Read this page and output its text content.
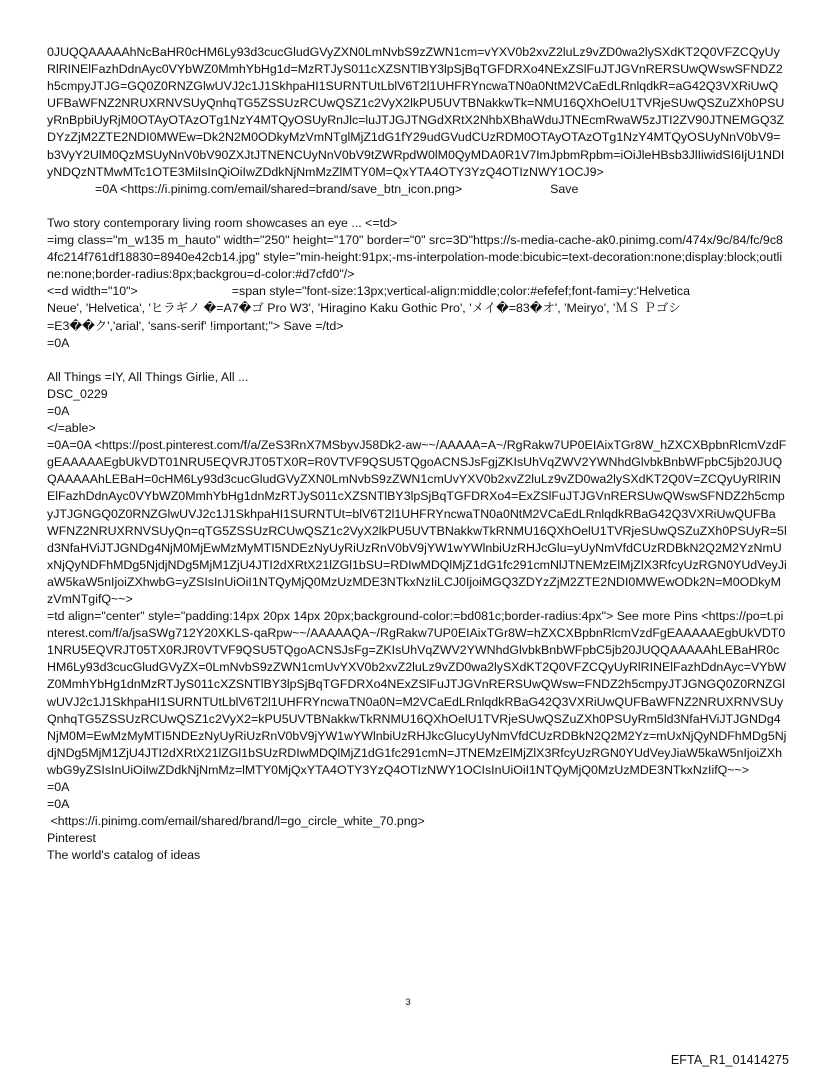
0JUQQAAAAAhNcBaHR0cHM6Ly93d3cucGludGVyZXN0LmNvbS9zZWN1cm=vYXV0b2xvZ2luLz9vZD0wa2lySXdKT2Q0VFZCQyUyRlRINElFazhDdnAyc0VYbWZ0MmhYbHg1d=MzRTJyS011cXZSNTlBY3lpSjBqTGFDRXo4NExZSlFuJTJGVnRERSUwQWswSFNDZ2h5cmpyJTJG=GQ0Z0RNZGlwUVJ2c1J1SkhpaHI1SURNTUtLblV6T2l1UHFRYncwaTN0a0NtM2VCaEdLRnlqdkR=aG42Q3VXRiUwQUFBaWFNZ2NRUXRNVSUyQnhqTG5ZSSUzRCUwQSZ1c2VyX2lkPU5UVTBNakkwTk=NMU16QXhOelU1TVRjeSUwQSZuZXh0PSUyRnBpbiUyRjM0OTAyOTAzOTg1NzY4MTQyOSUyRnJlc=luJTJGJTNGdXRtX2NhbXBhaWduJTNEcmRwaW5zJTI2ZV90JTNEMGQ3ZDYzZjM2ZTE2NDI0MWEw=Dk2N2M0ODkyMzVmNTglMjZ1dG1fY29udGVudCUzRDM0OTAyOTAzOTg1NzY4MTQyOSUyNnV0bV9=b3VyY2UlM0QzMSUyNnV0bV90ZXJtJTNENCUyNnV0bV9tZWRpdW0lM0QyMDA0R1V7ImJpbmRpbm=iOiJleHBsb3JlIiwidSI6IjU1NDIyNDQzNTMwMTc1OTE3MiIsInQiOiIwZDdkNjNmMzZlMTY0M=QxYTA4OTY3YzQ4OTIzNWY1OCJ9>

=0A <https://i.pinimg.com/email/shared=brand/save_btn_icon.png>	Save

Two story contemporary living room showcases an eye ... <=td>

=img class="m_w135 m_hauto" width="250" height="170" border="0" src=3D"https://s-media-cache-ak0.pinimg.com/474x/9c/84/fc/9c84fc214f761df18830=8940e42cb14.jpg" style="min-height:91px;-ms-interpolation-mode:bicubic=text-decoration:none;display:block;outline:none;border-radius:8px;backgrou=d-color:#d7cfd0"/>

<=d width="10">	=span style="font-size:13px;vertical-align:middle;color:#efefef;font-fami=y:'Helvetica

Neue', 'Helvetica', 'ヒラギノ �=A7�ゴ Pro W3', 'Hiragino Kaku Gothic Pro', 'メイ�=83�オ', 'Meiryo', 'ＭＳ Ｐゴシ

=E3��ク','arial', 'sans-serif' !important;"> Save =/td>

=0A

All Things =IY, All Things Girlie, All ...

DSC_0229

=0A

</=able>

=0A=0A <https://post.pinterest.com/f/a/ZeS3RnX7MSbyvJ58Dk2-aw~~/AAAAA=A~/RgRakw7UP0EIAixTGr8W_hZXCXBpbnRlcmVzdFgEAAAAAEgbUkVDT01NRU5EQVRJT05TX0R=R0VTVF9QSU5TQgoACNSJsFgjZKIsUhVqZWV2YWNhdGlvbkBnbWFpbC5jb20JUQQAAAAAhLEBaH=0cHM6Ly93d3cucGludGVyZXN0LmNvbS9zZWN1cmUvYXV0b2xvZ2luLz9vZD0wa2lySXdKT2Q0V=ZCQyUyRlRINElFazhDdnAyc0VYbWZ0MmhYbHg1dnMzRTJyS011cXZSNTlBY3lpSjBqTGFDRXo4=ExZSlFuJTJGVnRERSUwQWswSFNDZ2h5cmpyJTJGNGQ0Z0RNZGlwUVJ2c1J1SkhpaHI1SURNTUt=blV6T2l1UHFRYncwaTN0a0NtM2VCaEdLRnlqdkRBaG42Q3VXRiUwQUFBaWFNZ2NRUXRNVSUyQn=qTG5ZSSUzRCUwQSZ1c2VyX2lkPU5UVTBNakkwTkRNMU16QXhOelU1TVRjeSUwQSZuZXh0PSUyR=5ld3NfaHViJTJGNDg4NjM0MjEwMzMyMTI5NDEzNyUyRiUzRnV0bV9jYW1wYWlnbiUzRHJcGlu=yUyNmVfdCUzRDBkN2Q2M2YzNmUxNjQyNDFhMDg5NjdjNDg5MjM1ZjU4JTI2dXRtX21lZGl1bSU=RDIwMDQlMjZ1dG1fc291cmNlJTNEMzElMjZlX3RfcyUzRGN0YUdVeyJiaW5kaW5nIjoiZXhwbG=yZSIsInUiOiI1NTQyMjQ0MzUzMDE3NTkxNzIiLCJ0IjoiMGQ3ZDYzZjM2ZTE2NDI0MWEwODk2N=M0ODkyMzVmNTgifQ~~>

=td align="center" style="padding:14px 20px 14px 20px;background-color:=bd081c;border-radius:4px"> See more Pins <https://po=t.pinterest.com/f/a/jsaSWg712Y20XKLS-qaRpw~~/AAAAAQA~/RgRakw7UP0EIAixTGr8W=hZXCXBpbnRlcmVzdFgEAAAAAEgbUkVDT01NRU5EQVRJT05TX0RJR0VTVF9QSU5TQgoACNSJsFg=ZKIsUhVqZWV2YWNhdGlvbkBnbWFpbC5jb20JUQQAAAAAhLEBaHR0cHM6Ly93d3cucGludGVyZX=0LmNvbS9zZWN1cmUvYXV0b2xvZ2luLz9vZD0wa2lySXdKT2Q0VFZCQyUyRlRINElFazhDdnAyc=VYbWZ0MmhYbHg1dnMzRTJyS011cXZSNTlBY3lpSjBqTGFDRXo4NExZSlFuJTJGVnRERSUwQWsw=FNDZ2h5cmpyJTJGNGQ0Z0RNZGlwUVJ2c1J1SkhpaHI1SURNTUtLblV6T2l1UHFRYncwaTN0a0N=M2VCaEdLRnlqdkRBaG42Q3VXRiUwQUFBaWFNZ2NRUXRNVSUyQnhqTG5ZSSUzRCUwQSZ1c2VyX2=kPU5UVTBNakkwTkRNMU16QXhOelU1TVRjeSUwQSZuZXh0PSUyRm5ld3NfaHViJTJGNDg4NjM0M=EwMzMyMTI5NDEzNyUyRiUzRnV0bV9jYW1wYWlnbiUzRHJkcGlucyUyNmVfdCUzRDBkN2Q2M2Yz=mUxNjQyNDFhMDg5NjdjNDg5MjM1ZjU4JTI2dXRtX21lZGl1bSUzRDIwMDQlMjZ1dG1fc291cmN=JTNEMzElMjZlX3RfcyUzRGN0YUdVeyJiaW5kaW5nIjoiZXhwbG9yZSIsInUiOiIwZDdkNjNmMz=lMTY0MjQxYTA4OTY3YzQ4OTIzNWY1OCIsInUiOiI1NTQyMjQ0MzUzMDE3NTkxNzIifQ~~>

=0A

=0A

<https://i.pinimg.com/email/shared/brand/l=go_circle_white_70.png>

Pinterest

The world's catalog of ideas

3
EFTA_R1_01414275
